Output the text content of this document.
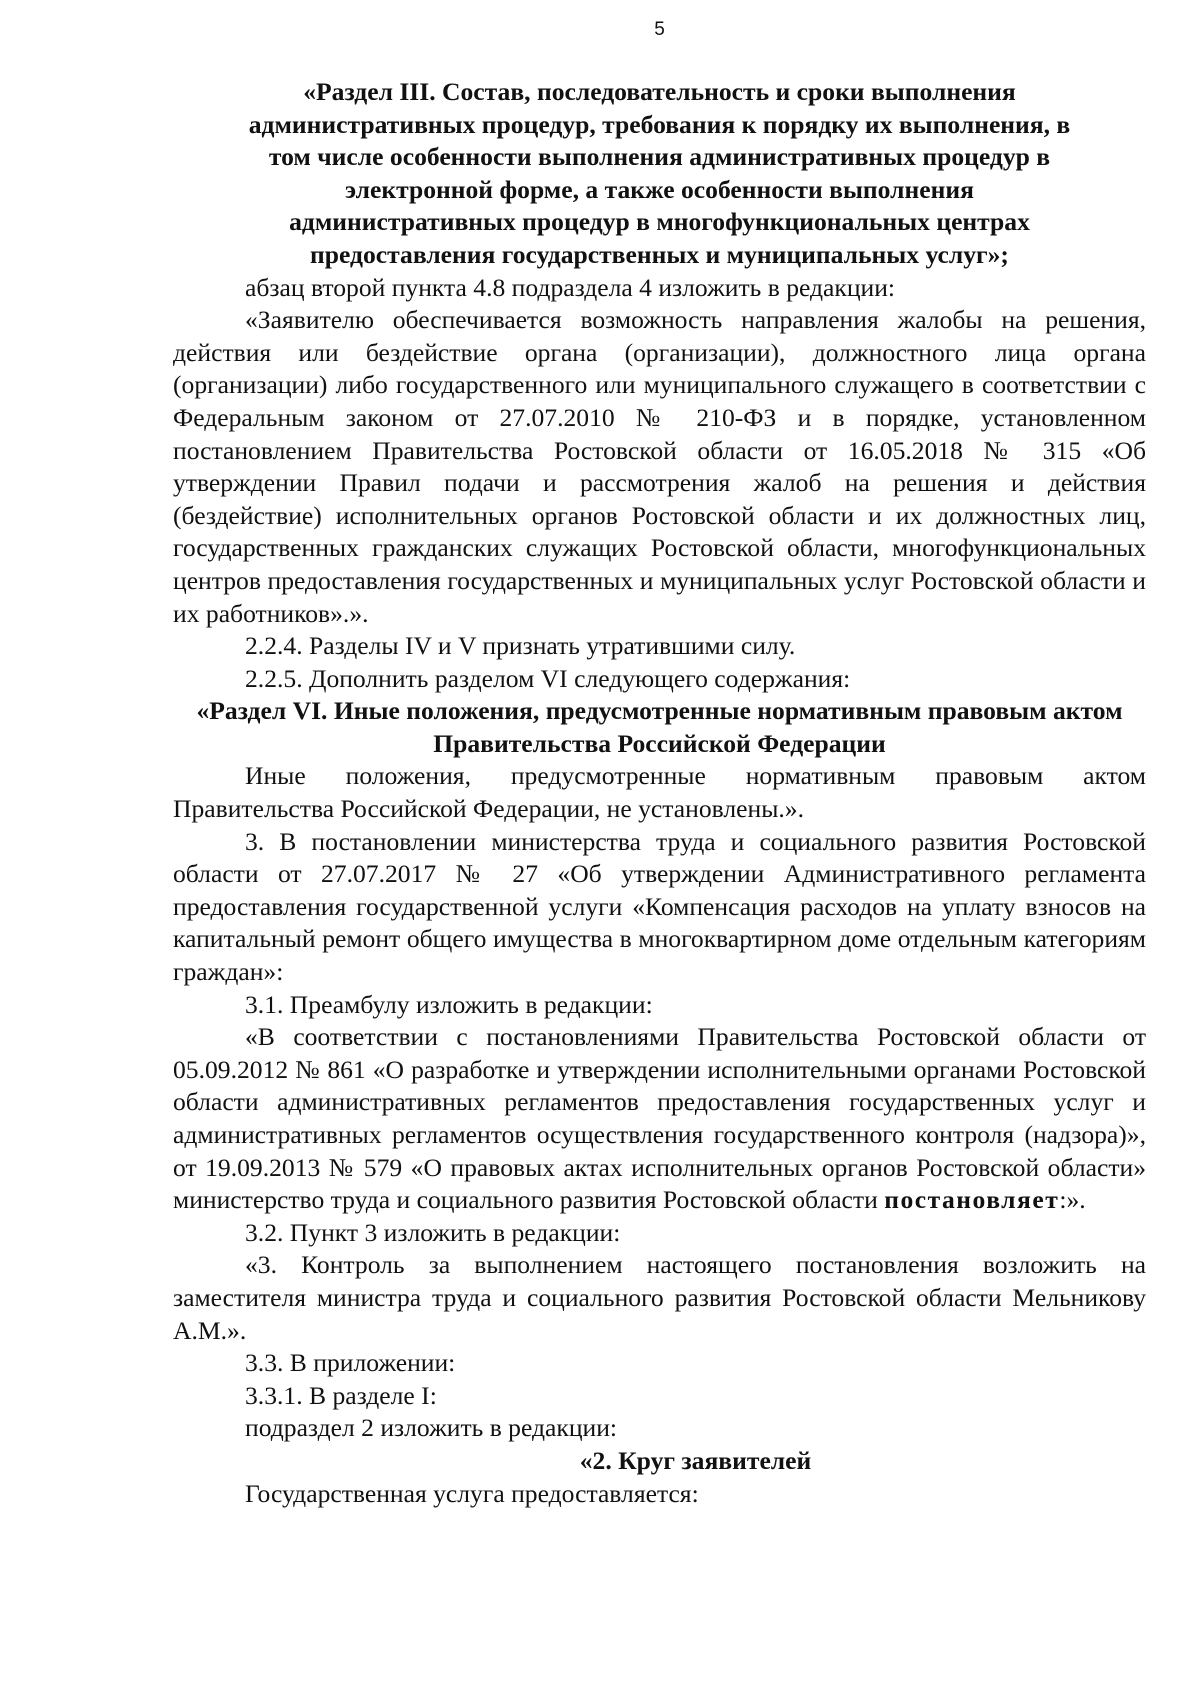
5

«Раздел III. Состав, последовательность и сроки выполнения административных процедур, требования к порядку их выполнения, в том числе особенности выполнения административных процедур в электронной форме, а также особенности выполнения административных процедур в многофункциональных центрах предоставления государственных и муниципальных услуг»;

абзац второй пункта 4.8 подраздела 4 изложить в редакции:

«Заявителю обеспечивается возможность направления жалобы на решения, действия или бездействие органа (организации), должностного лица органа (организации) либо государственного или муниципального служащего в соответствии с Федеральным законом от 27.07.2010 № 210-ФЗ и в порядке, установленном постановлением Правительства Ростовской области от 16.05.2018 № 315 «Об утверждении Правил подачи и рассмотрения жалоб на решения и действия (бездействие) исполнительных органов Ростовской области и их должностных лиц, государственных гражданских служащих Ростовской области, многофункциональных центров предоставления государственных и муниципальных услуг Ростовской области и их работников».».

2.2.4. Разделы IV и V признать утратившими силу.

2.2.5. Дополнить разделом VI следующего содержания:

«Раздел VI. Иные положения, предусмотренные нормативным правовым актом Правительства Российской Федерации

Иные положения, предусмотренные нормативным правовым актом Правительства Российской Федерации, не установлены.».

3. В постановлении министерства труда и социального развития Ростовской области от 27.07.2017 № 27 «Об утверждении Административного регламента предоставления государственной услуги «Компенсация расходов на уплату взносов на капитальный ремонт общего имущества в многоквартирном доме отдельным категориям граждан»:

3.1. Преамбулу изложить в редакции:

«В соответствии с постановлениями Правительства Ростовской области от 05.09.2012 № 861 «О разработке и утверждении исполнительными органами Ростовской области административных регламентов предоставления государственных услуг и административных регламентов осуществления государственного контроля (надзора)», от 19.09.2013 № 579 «О правовых актах исполнительных органов Ростовской области» министерство труда и социального развития Ростовской области постановляет:».

3.2. Пункт 3 изложить в редакции:

«3. Контроль за выполнением настоящего постановления возложить на заместителя министра труда и социального развития Ростовской области Мельникову А.М.».

3.3. В приложении:

3.3.1. В разделе I:

подраздел 2 изложить в редакции:

«2. Круг заявителей

Государственная услуга предоставляется:
